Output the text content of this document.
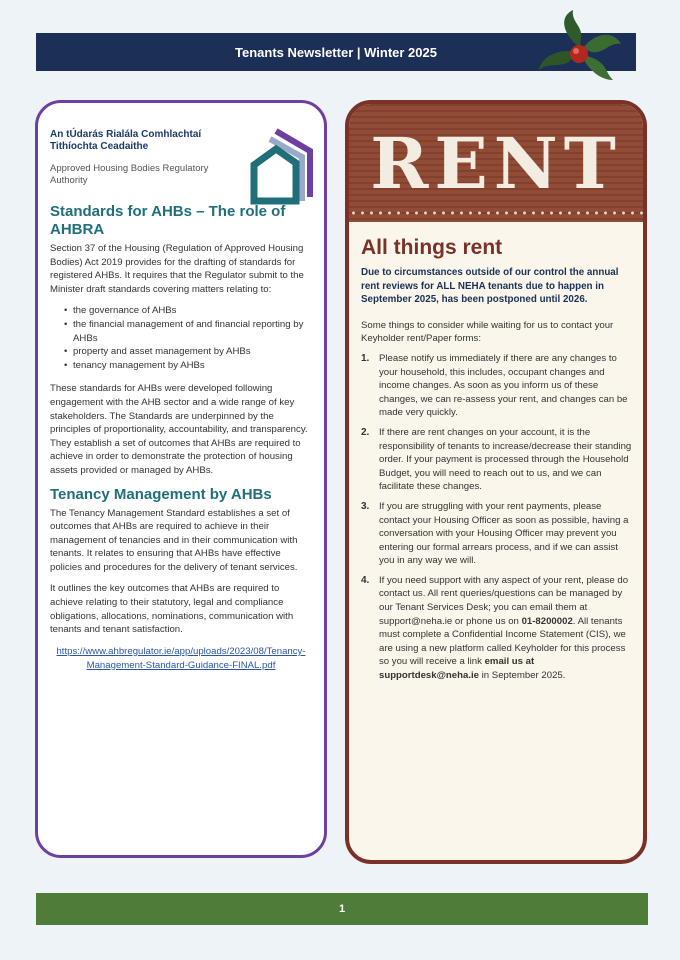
Tenants Newsletter | Winter 2025
An tÚdarás Rialála Comhlachtaí Tithíochta Ceadaithe
Approved Housing Bodies Regulatory Authority
Standards for AHBs – The role of AHBRA

Section 37 of the Housing (Regulation of Approved Housing Bodies) Act 2019 provides for the drafting of standards for registered AHBs. It requires that the Regulator submit to the Minister draft standards covering matters relating to:

• the governance of AHBs
• the financial management of and financial reporting by AHBs
• property and asset management by AHBs
• tenancy management by AHBs

These standards for AHBs were developed following engagement with the AHB sector and a wide range of key stakeholders. The Standards are underpinned by the principles of proportionality, accountability, and transparency. They establish a set of outcomes that AHBs are required to achieve in order to demonstrate the protection of housing assets provided or managed by AHBs.

Tenancy Management by AHBs

The Tenancy Management Standard establishes a set of outcomes that AHBs are required to achieve in their management of tenancies and in their communication with tenants. It relates to ensuring that AHBs have effective policies and procedures for the delivery of tenant services.

It outlines the key outcomes that AHBs are required to achieve relating to their statutory, legal and compliance obligations, allocations, nominations, communication with tenants and tenant satisfaction.

https://www.ahbregulator.ie/app/uploads/2023/08/Tenancy-Management-Standard-Guidance-FINAL.pdf
RENT
All things rent

Due to circumstances outside of our control the annual rent reviews for ALL NEHA tenants due to happen in September 2025, has been postponed until 2026.

Some things to consider while waiting for us to contact your Keyholder rent/Paper forms:

1.	Please notify us immediately if there are any changes to your household, this includes, occupant changes and income changes. As soon as you inform us of these changes, we can re-assess your rent, and changes can be made very quickly.
2.	If there are rent changes on your account, it is the responsibility of tenants to increase/decrease their standing order. If your payment is processed through the Household Budget, you will need to reach out to us, and we can facilitate these changes.
3.	If you are struggling with your rent payments, please contact your Housing Officer as soon as possible, having a conversation with your Housing Officer may prevent you entering our formal arrears process, and if we can assist you in any way we will.
4.	If you need support with any aspect of your rent, please do contact us. All rent queries/questions can be managed by our Tenant Services Desk; you can email them at support@neha.ie or phone us on 01-8200002. All tenants must complete a Confidential Income Statement (CIS), we are using a new platform called Keyholder for this process so you will receive a link email us at supportdesk@neha.ie in September 2025.
1
